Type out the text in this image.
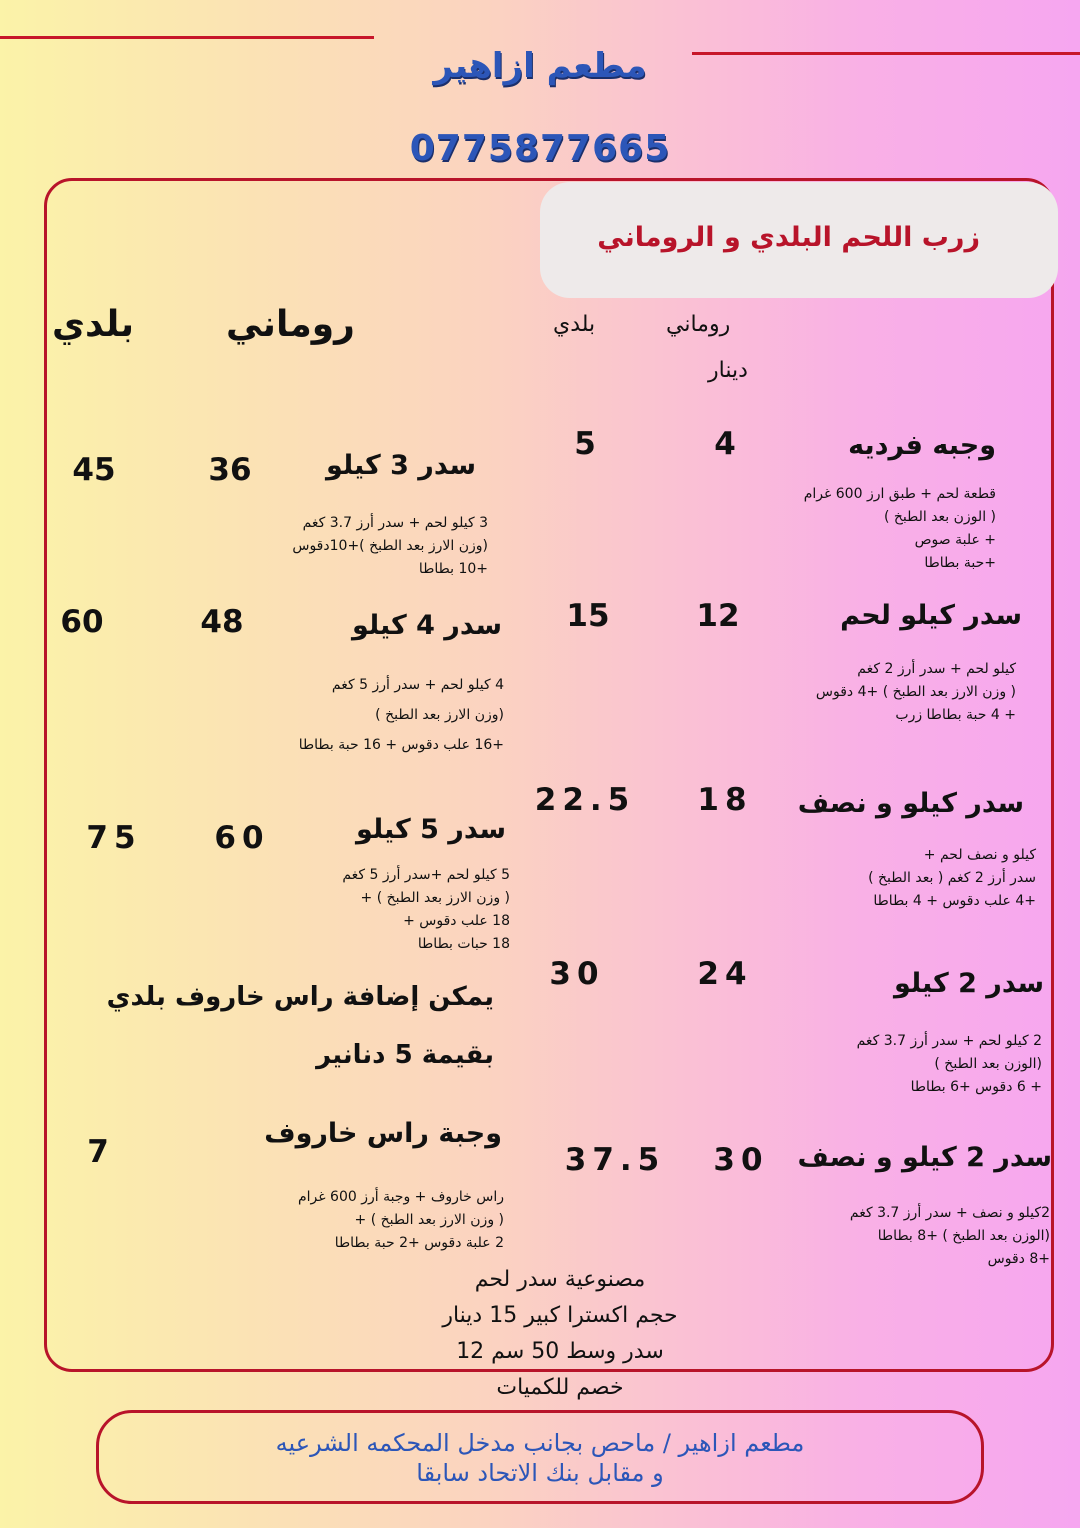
مطعم ازاهير
0775877665
زرب اللحم البلدي و الروماني
روماني
بلدي
دينار
روماني
بلدي
وجبه فرديه
4
5
قطعة لحم + طبق ارز 600 غرام
( الوزن بعد الطبخ )
+ علبة صوص
+حبة بطاطا
سدر كيلو لحم
12
15
كيلو لحم + سدر أرز 2 كغم
( وزن الارز بعد الطبخ ) +4 دقوس
+ 4 حبة بطاطا زرب
سدر كيلو و نصف
18
22.5
كيلو و نصف لحم +
سدر أرز 2 كغم ( بعد الطبخ )
+4 علب دقوس + 4 بطاطا
سدر 2 كيلو
24
30
2 كيلو لحم + سدر أرز 3.7 كغم
(الوزن بعد الطبخ )
+ 6 دقوس +6 بطاطا
سدر 2 كيلو و نصف
30
37.5
2كيلو و نصف + سدر أرز 3.7 كغم
(الوزن بعد الطبخ ) +8 بطاطا
+8 دقوس
سدر 3 كيلو
36
45
3 كيلو لحم + سدر أرز 3.7 كغم
(وزن الارز بعد الطبخ )+10دقوس
+10 بطاطا
سدر 4 كيلو
48
60
4 كيلو لحم + سدر أرز 5 كغم
(وزن الارز بعد الطبخ )
+16 علب دقوس + 16 حبة بطاطا
سدر 5 كيلو
60
75
5 كيلو لحم +سدر أرز 5 كغم
( وزن الارز بعد الطبخ ) +
18 علب دقوس +
18 حبات بطاطا
يمكن إضافة راس خاروف بلدي
بقيمة 5 دنانير
وجبة راس خاروف
7
راس خاروف + وجبة أرز 600 غرام
( وزن الارز بعد الطبخ ) +
2 علبة دقوس +2 حبة بطاطا
مصنوعية سدر لحم
حجم اكسترا كبير 15 دينار
سدر وسط 50 سم 12
خصم للكميات
مطعم ازاهير / ماحص بجانب مدخل المحكمه الشرعيه
و مقابل بنك الاتحاد سابقا
